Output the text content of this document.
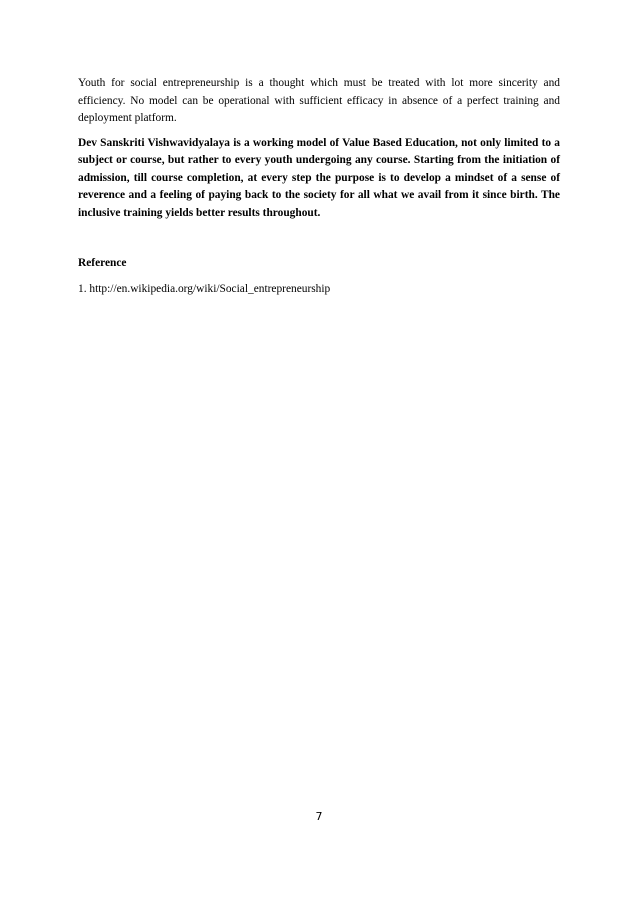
Youth for social entrepreneurship is a thought which must be treated with lot more sincerity and efficiency. No model can be operational with sufficient efficacy in absence of a perfect training and deployment platform.

Dev Sanskriti Vishwavidyalaya is a working model of Value Based Education, not only limited to a subject or course, but rather to every youth undergoing any course. Starting from the initiation of admission, till course completion, at every step the purpose is to develop a mindset of a sense of reverence and a feeling of paying back to the society for all what we avail from it since birth. The inclusive training yields better results throughout.

Reference

1. http://en.wikipedia.org/wiki/Social_entrepreneurship

7
